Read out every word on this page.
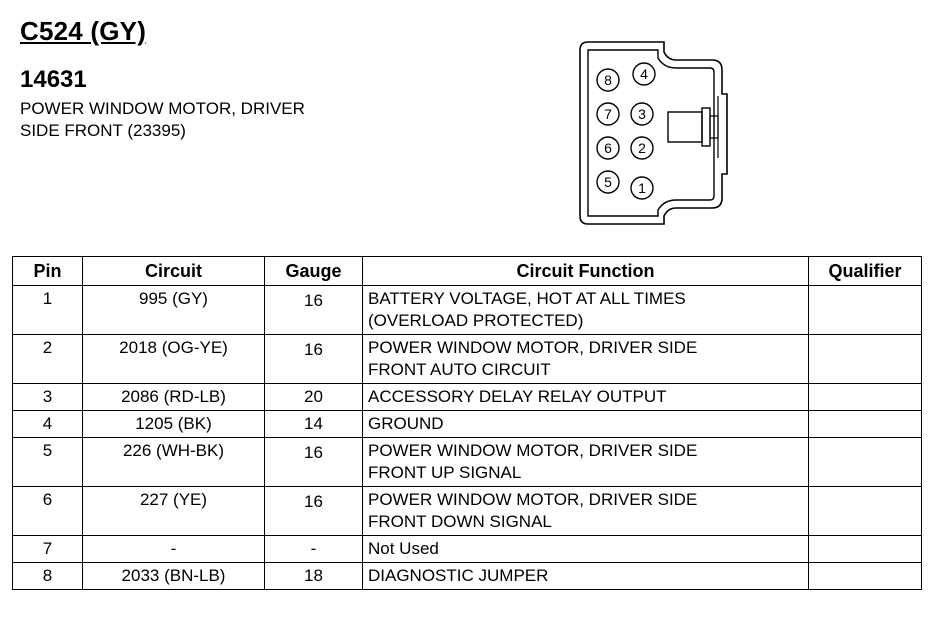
C524 (GY)
14631
POWER WINDOW MOTOR, DRIVER
SIDE FRONT (23395)
8 4
7 3
6 2
5 1
Pin	Circuit	Gauge	Circuit Function	Qualifier
1	995 (GY)	16	BATTERY VOLTAGE, HOT AT ALL TIMES
(OVERLOAD PROTECTED)	

2	2018 (OG-YE)	16	POWER WINDOW MOTOR, DRIVER SIDE
FRONT AUTO CIRCUIT	

3	2086 (RD-LB)	20	ACCESSORY DELAY RELAY OUTPUT	
4	1205 (BK)	14	GROUND	
5	226 (WH-BK)	16	POWER WINDOW MOTOR, DRIVER SIDE
FRONT UP SIGNAL	

6	227 (YE)	16	POWER WINDOW MOTOR, DRIVER SIDE
FRONT DOWN SIGNAL	

7	-	-	Not Used	
8	2033 (BN-LB)	18	DIAGNOSTIC JUMPER	
